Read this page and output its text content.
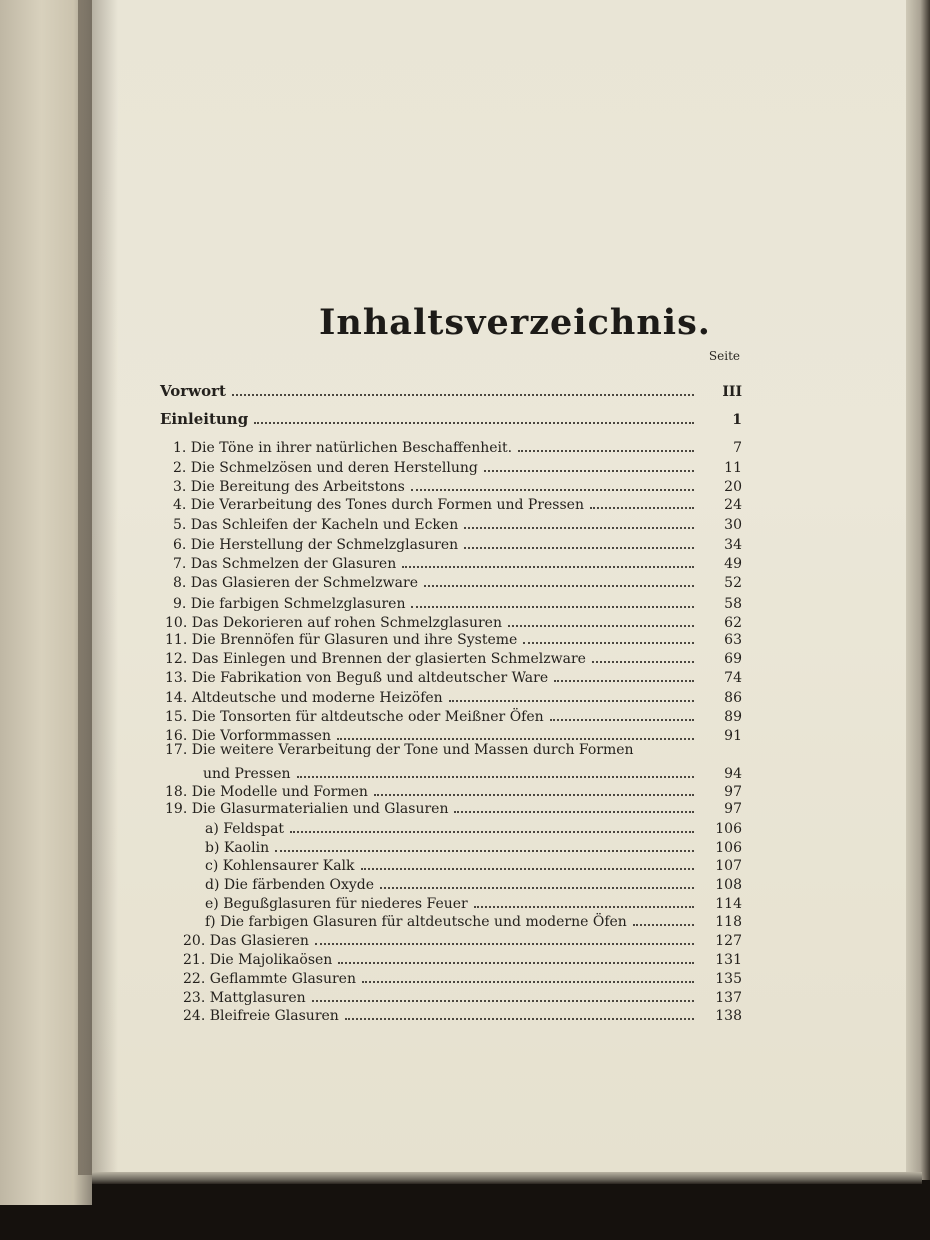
Inhaltsverzeichnis.
Seite
Vorwort	III
Einleitung	1
1. Die Töne in ihrer natürlichen Beschaffenheit.	7
2. Die Schmelzösen und deren Herstellung	11
3. Die Bereitung des Arbeitstons	20
4. Die Verarbeitung des Tones durch Formen und Pressen	24
5. Das Schleifen der Kacheln und Ecken	30
6. Die Herstellung der Schmelzglasuren	34
7. Das Schmelzen der Glasuren	49
8. Das Glasieren der Schmelzware	52
9. Die farbigen Schmelzglasuren	58
10. Das Dekorieren auf rohen Schmelzglasuren	62
11. Die Brennöfen für Glasuren und ihre Systeme	63
12. Das Einlegen und Brennen der glasierten Schmelzware	69
13. Die Fabrikation von Beguß und altdeutscher Ware	74
14. Altdeutsche und moderne Heizöfen	86
15. Die Tonsorten für altdeutsche oder Meißner Öfen	89
16. Die Vorformmassen	91
17. Die weitere Verarbeitung der Tone und Massen durch Formen
und Pressen	94
18. Die Modelle und Formen	97
19. Die Glasurmaterialien und Glasuren	97
a) Feldspat	106
b) Kaolin	106
c) Kohlensaurer Kalk	107
d) Die färbenden Oxyde	108
e) Begußglasuren für niederes Feuer	114
f) Die farbigen Glasuren für altdeutsche und moderne Öfen	118
20. Das Glasieren	127
21. Die Majolikaösen	131
22. Geflammte Glasuren	135
23. Mattglasuren	137
24. Bleifreie Glasuren	138
